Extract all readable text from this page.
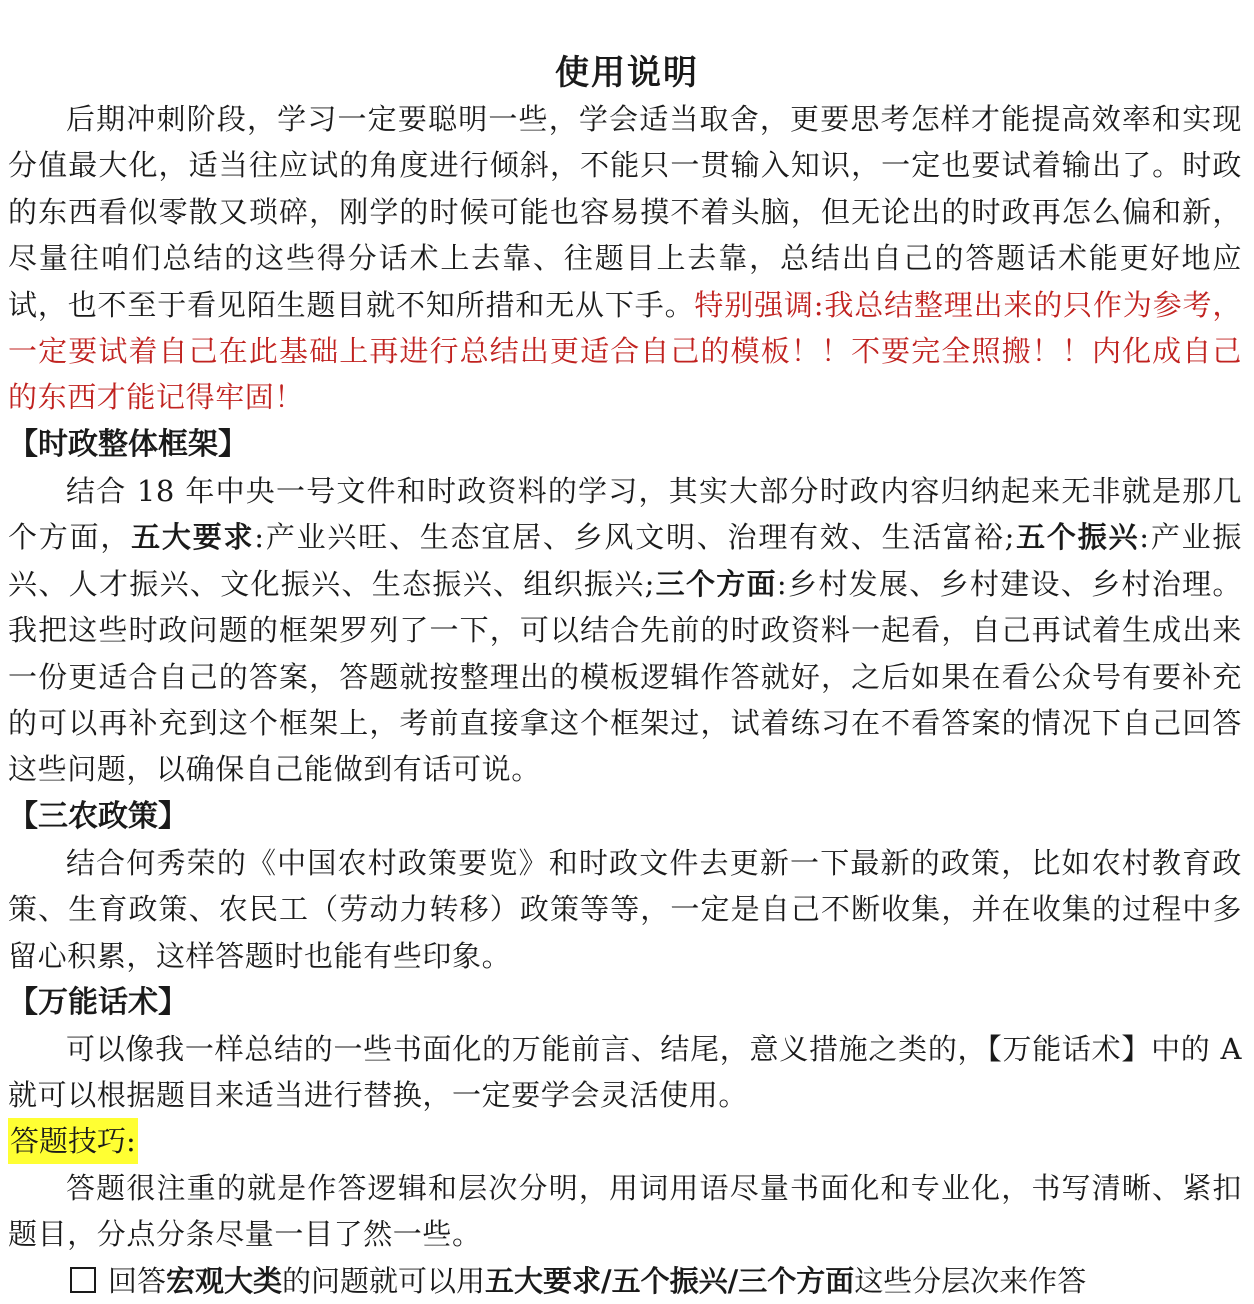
使用说明

后期冲刺阶段，学习一定要聪明一些，学会适当取舍，更要思考怎样才能提高效率和实现分值最大化，适当往应试的角度进行倾斜，不能只一贯输入知识，一定也要试着输出了。时政的东西看似零散又琐碎，刚学的时候可能也容易摸不着头脑，但无论出的时政再怎么偏和新，尽量往咱们总结的这些得分话术上去靠、往题目上去靠，总结出自己的答题话术能更好地应试，也不至于看见陌生题目就不知所措和无从下手。特别强调:我总结整理出来的只作为参考，一定要试着自己在此基础上再进行总结出更适合自己的模板！！不要完全照搬！！内化成自己的东西才能记得牢固！

【时政整体框架】

结合 18 年中央一号文件和时政资料的学习，其实大部分时政内容归纳起来无非就是那几个方面，五大要求:产业兴旺、生态宜居、乡风文明、治理有效、生活富裕;五个振兴:产业振兴、人才振兴、文化振兴、生态振兴、组织振兴;三个方面:乡村发展、乡村建设、乡村治理。我把这些时政问题的框架罗列了一下，可以结合先前的时政资料一起看，自己再试着生成出来一份更适合自己的答案，答题就按整理出的模板逻辑作答就好，之后如果在看公众号有要补充的可以再补充到这个框架上，考前直接拿这个框架过，试着练习在不看答案的情况下自己回答这些问题，以确保自己能做到有话可说。

【三农政策】

结合何秀荣的《中国农村政策要览》和时政文件去更新一下最新的政策，比如农村教育政策、生育政策、农民工（劳动力转移）政策等等，一定是自己不断收集，并在收集的过程中多留心积累，这样答题时也能有些印象。

【万能话术】

可以像我一样总结的一些书面化的万能前言、结尾，意义措施之类的，【万能话术】中的 A 就可以根据题目来适当进行替换，一定要学会灵活使用。

答题技巧:

答题很注重的就是作答逻辑和层次分明，用词用语尽量书面化和专业化，书写清晰、紧扣题目，分点分条尽量一目了然一些。

回答宏观大类的问题就可以用五大要求/五个振兴/三个方面这些分层次来作答
